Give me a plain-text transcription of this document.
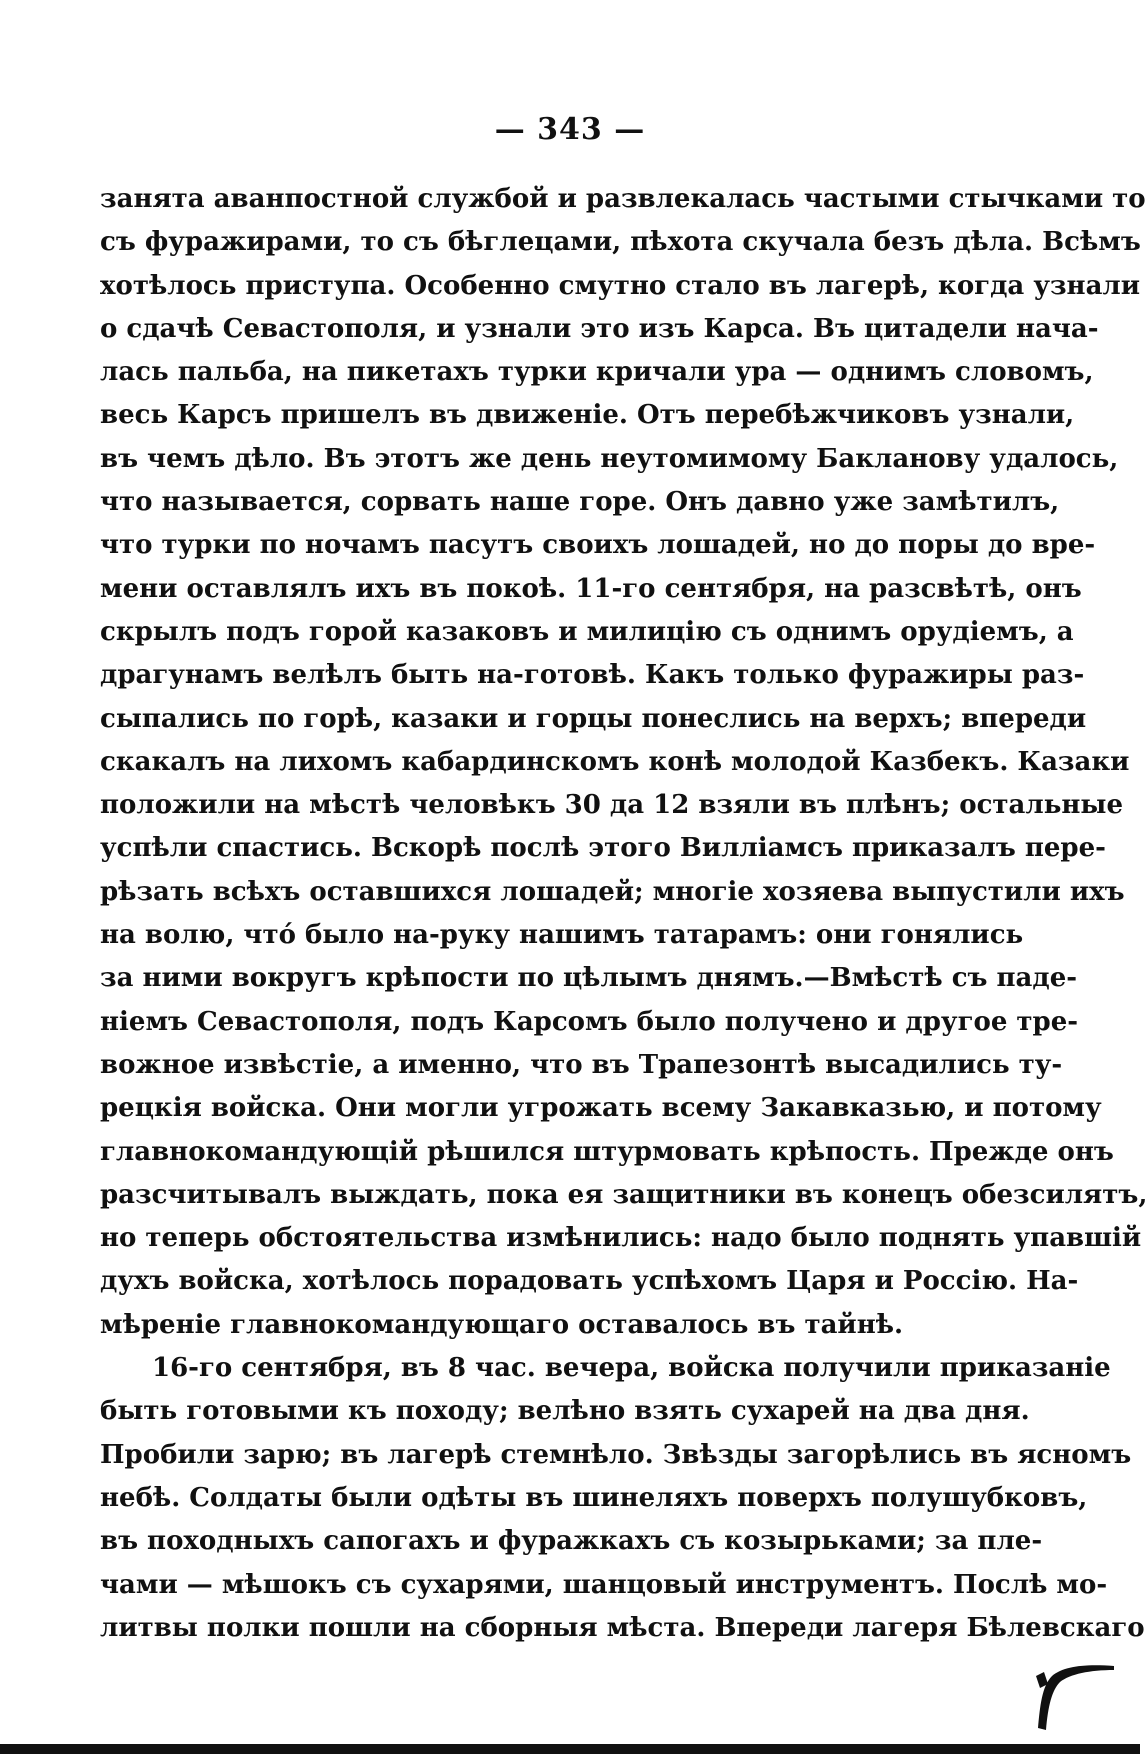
— 343 —
занята аванпостной службой и развлекалась частыми стычками то
съ фуражирами, то съ бѣглецами, пѣхота скучала безъ дѣла. Всѣмъ
хотѣлось приступа. Особенно смутно стало въ лагерѣ, когда узнали
о сдачѣ Севастополя, и узнали это изъ Карса. Въ цитадели нача-
лась пальба, на пикетахъ турки кричали ура — однимъ словомъ,
весь Карсъ пришелъ въ движеніе. Отъ перебѣжчиковъ узнали,
въ чемъ дѣло. Въ этотъ же день неутомимому Бакланову удалось,
что называется, сорвать наше горе. Онъ давно уже замѣтилъ,
что турки по ночамъ пасутъ своихъ лошадей, но до поры до вре-
мени оставлялъ ихъ въ покоѣ. 11-го сентября, на разсвѣтѣ, онъ
скрылъ подъ горой казаковъ и милицію съ однимъ орудіемъ, а
драгунамъ велѣлъ быть на-готовѣ. Какъ только фуражиры раз-
сыпались по горѣ, казаки и горцы понеслись на верхъ; впереди
скакалъ на лихомъ кабардинскомъ конѣ молодой Казбекъ. Казаки
положили на мѣстѣ человѣкъ 30 да 12 взяли въ плѣнъ; остальные
успѣли спастись. Вскорѣ послѣ этого Вилліамсъ приказалъ пере-
рѣзать всѣхъ оставшихся лошадей; многіе хозяева выпустили ихъ
на волю, что́ было на-руку нашимъ татарамъ: они гонялись
за ними вокругъ крѣпости по цѣлымъ днямъ.—Вмѣстѣ съ паде-
ніемъ Севастополя, подъ Карсомъ было получено и другое тре-
вожное извѣстіе, а именно, что въ Трапезонтѣ высадились ту-
рецкія войска. Они могли угрожать всему Закавказью, и потому
главнокомандующій рѣшился штурмовать крѣпость. Прежде онъ
разсчитывалъ выждать, пока ея защитники въ конецъ обезсилятъ,
но теперь обстоятельства измѣнились: надо было поднять упавшій
духъ войска, хотѣлось порадовать успѣхомъ Царя и Россію. На-
мѣреніе главнокомандующаго оставалось въ тайнѣ.
16-го сентября, въ 8 час. вечера, войска получили приказаніе
быть готовыми къ походу; велѣно взять сухарей на два дня.
Пробили зарю; въ лагерѣ стемнѣло. Звѣзды загорѣлись въ ясномъ
небѣ. Солдаты были одѣты въ шинеляхъ поверхъ полушубковъ,
въ походныхъ сапогахъ и фуражкахъ съ козырьками; за пле-
чами — мѣшокъ съ сухарями, шанцовый инструментъ. Послѣ мо-
литвы полки пошли на сборныя мѣста. Впереди лагеря Бѣлевскаго
